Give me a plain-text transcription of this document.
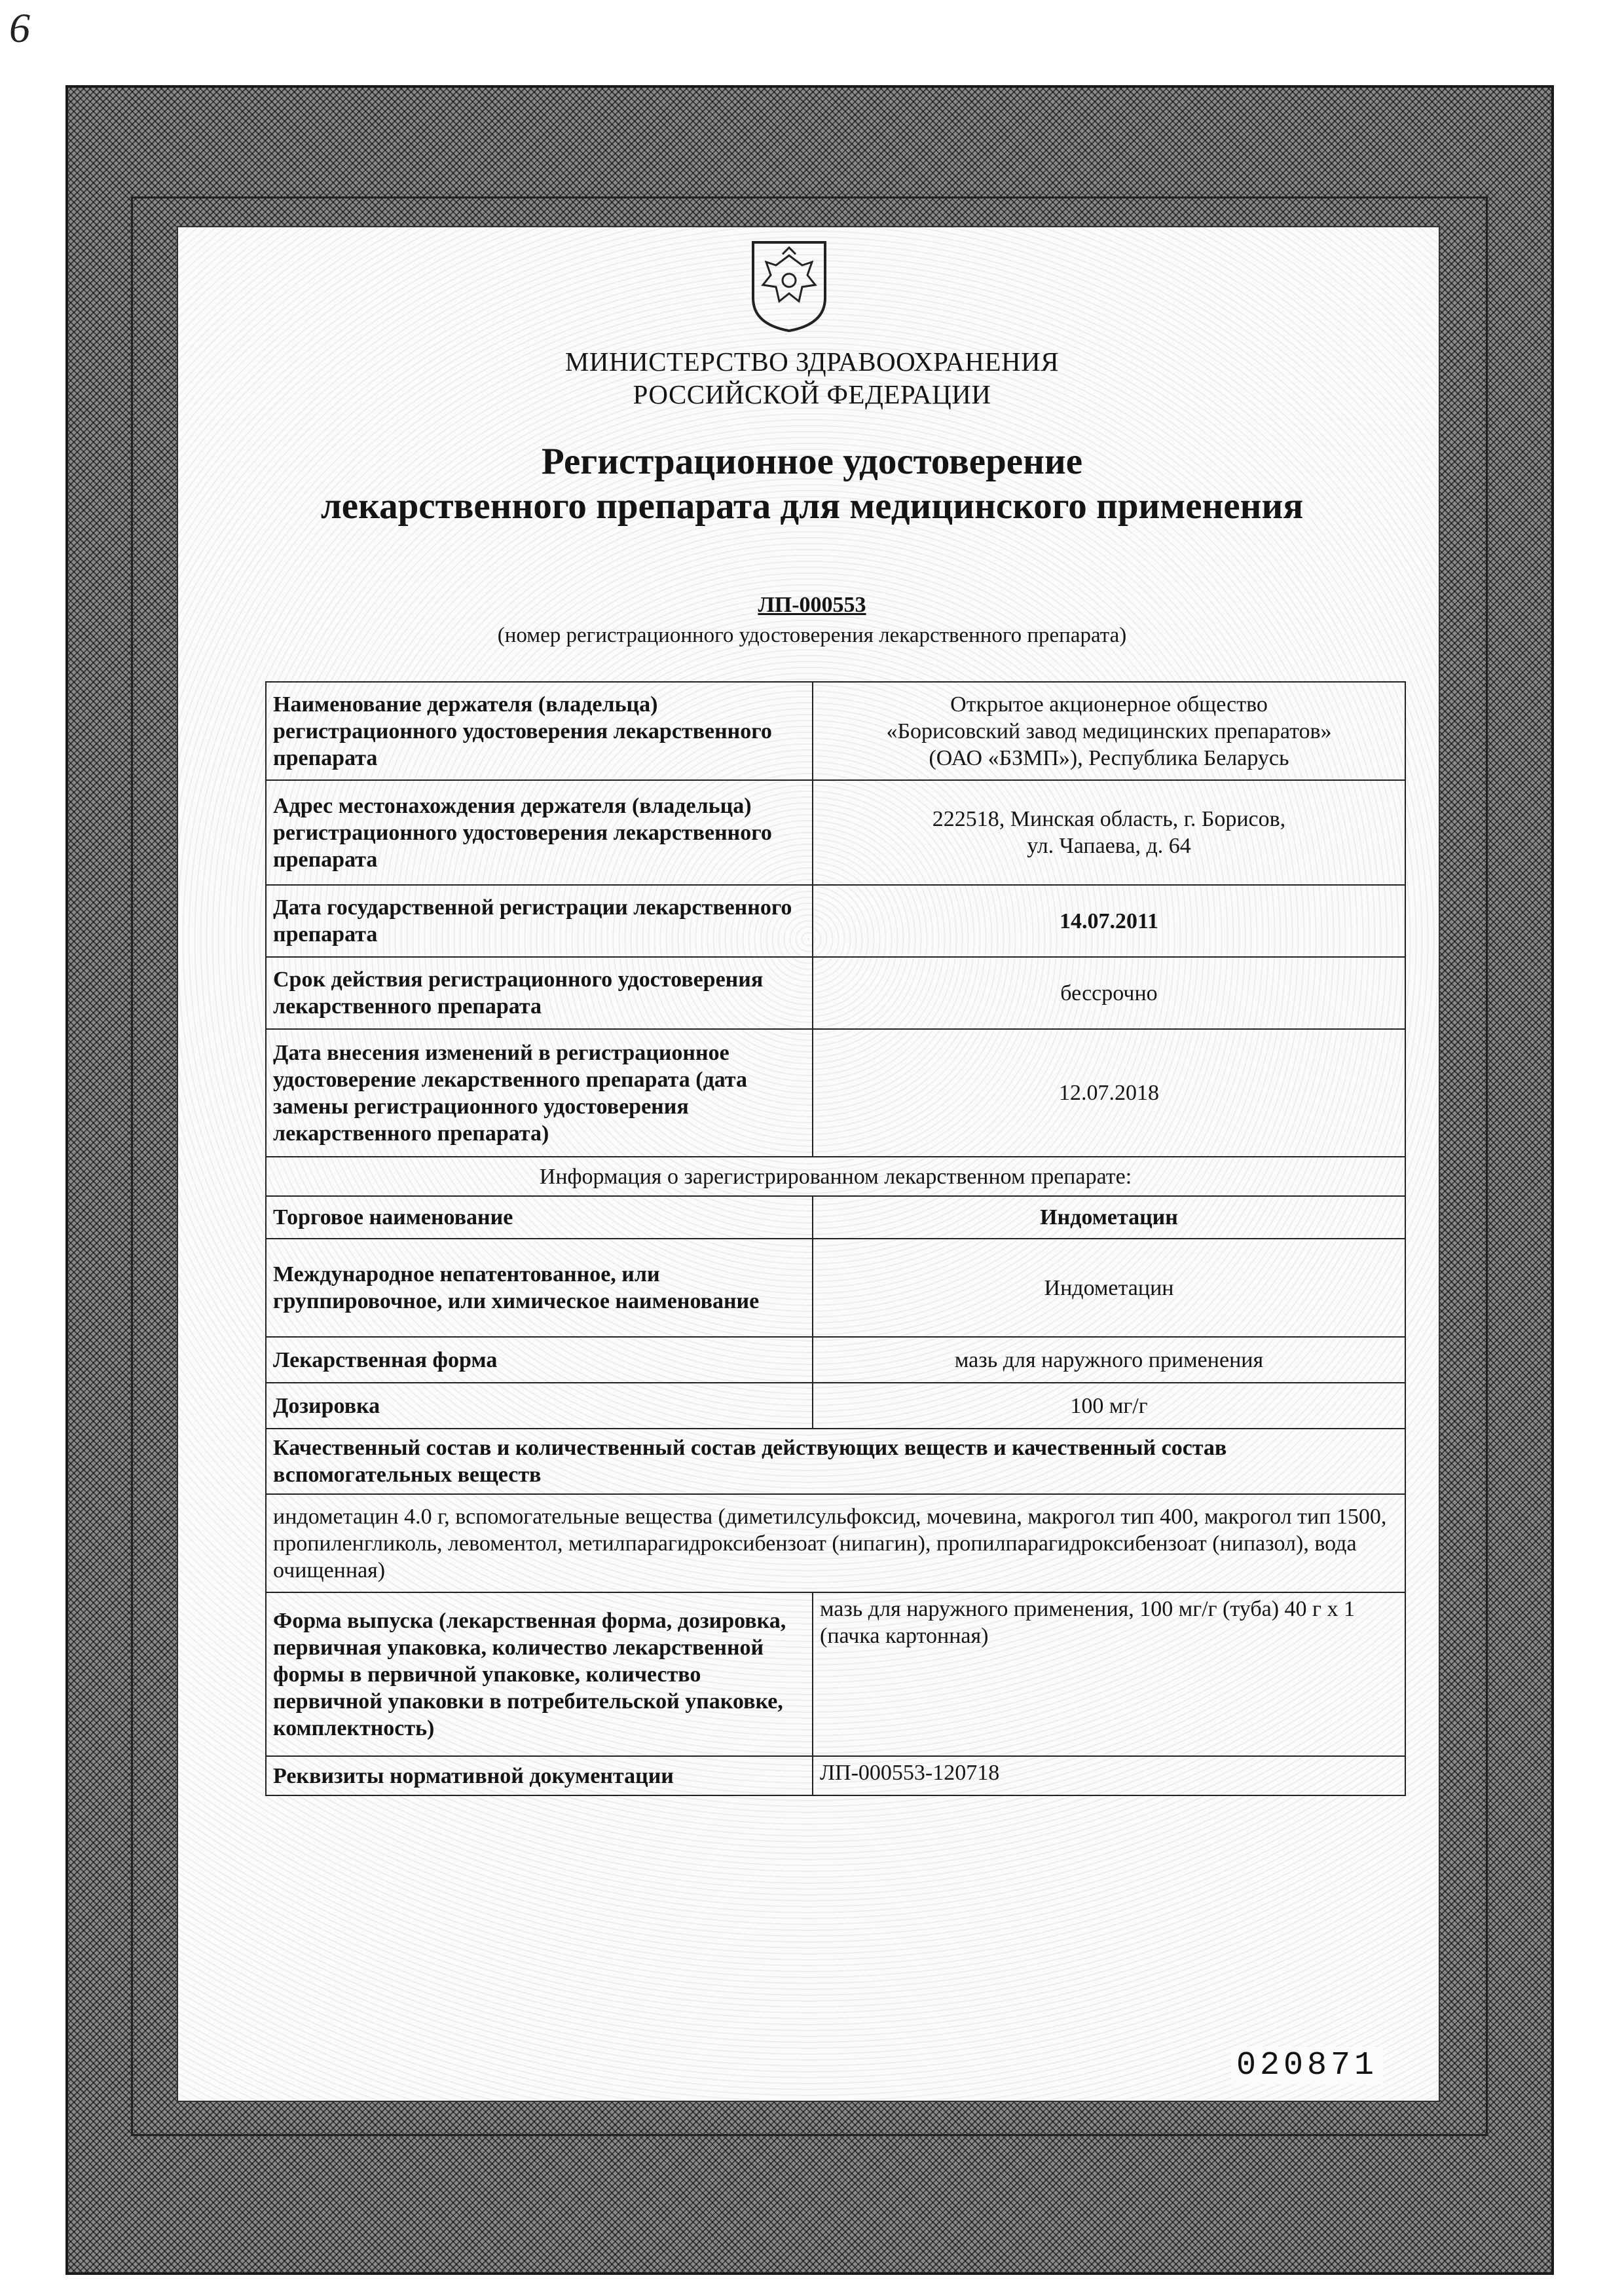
6
МИНИСТЕРСТВО ЗДРАВООХРАНЕНИЯ
РОССИЙСКОЙ ФЕДЕРАЦИИ
Регистрационное удостоверение
лекарственного препарата для медицинского применения
ЛП-000553
(номер регистрационного удостоверения лекарственного препарата)
Наименование держателя (владельца) регистрационного удостоверения лекарственного препарата	Открытое акционерное общество
«Борисовский завод медицинских препаратов»
(ОАО «БЗМП»), Республика Беларусь

Адрес местонахождения держателя (владельца) регистрационного удостоверения лекарственного препарата	222518, Минская область, г. Борисов,
ул. Чапаева, д. 64

Дата государственной регистрации лекарственного препарата	14.07.2011
Срок действия регистрационного удостоверения лекарственного препарата	бессрочно
Дата внесения изменений в регистрационное удостоверение лекарственного препарата (дата замены регистрационного удостоверения лекарственного препарата)	12.07.2018
Информация о зарегистрированном лекарственном препарате:	
Торговое наименование	Индометацин
Международное непатентованное, или группировочное, или химическое наименование	Индометацин
Лекарственная форма	мазь для наружного применения
Дозировка	100 мг/г
Качественный состав и количественный состав действующих веществ и качественный состав вспомогательных веществ	
индометацин 4.0 г, вспомогательные вещества (диметилсульфоксид, мочевина, макрогол тип 400, макрогол тип 1500, пропиленгликоль, левоментол, метилпарагидроксибензоат (нипагин), пропилпарагидроксибензоат (нипазол), вода очищенная)	
Форма выпуска (лекарственная форма, дозировка, первичная упаковка, количество лекарственной формы в первичной упаковке, количество первичной упаковки в потребительской упаковке, комплектность)	мазь для наружного применения, 100 мг/г (туба) 40 г x 1 (пачка картонная)
Реквизиты нормативной документации	ЛП-000553-120718
020871
